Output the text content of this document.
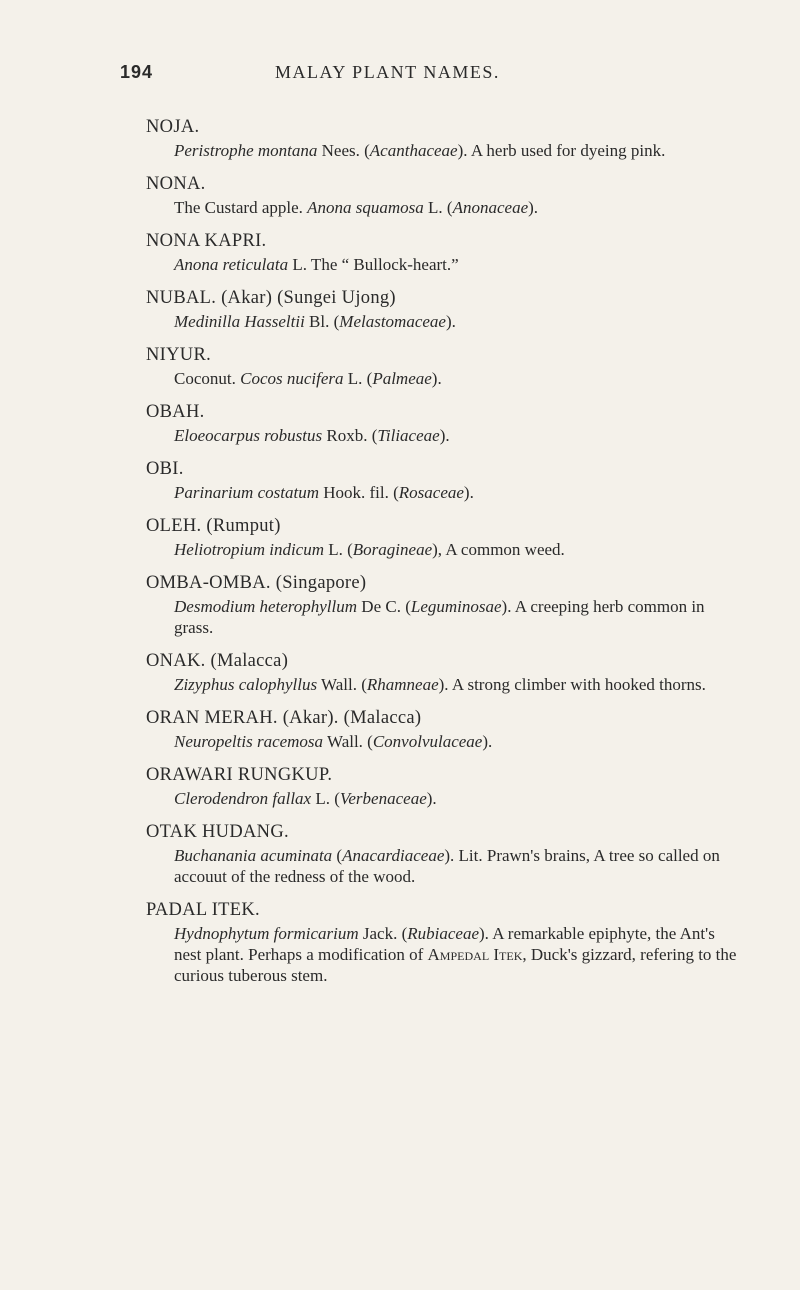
194	MALAY PLANT NAMES.
NOJA.
Peristrophe montana Nees. (Acanthaceae). A herb used for dyeing pink.
NONA.
The Custard apple. Anona squamosa L. (Anonaceae).
NONA KAPRI.
Anona reticulata L. The “ Bullock-heart.”
NUBAL. (Akar) (Sungei Ujong)
Medinilla Hasseltii Bl. (Melastomaceae).
NIYUR.
Coconut. Cocos nucifera L. (Palmeae).
OBAH.
Eloeocarpus robustus Roxb. (Tiliaceae).
OBI.
Parinarium costatum Hook. fil. (Rosaceae).
OLEH. (Rumput)
Heliotropium indicum L. (Boragineae), A common weed.
OMBA-OMBA. (Singapore)
Desmodium heterophyllum De C. (Leguminosae). A creeping herb common in grass.
ONAK. (Malacca)
Zizyphus calophyllus Wall. (Rhamneae). A strong climber with hooked thorns.
ORAN MERAH. (Akar). (Malacca)
Neuropeltis racemosa Wall. (Convolvulaceae).
ORAWARI RUNGKUP.
Clerodendron fallax L. (Verbenaceae).
OTAK HUDANG.
Buchanania acuminata (Anacardiaceae). Lit. Prawn's brains, A tree so called on accouut of the redness of the wood.
PADAL ITEK.
Hydnophytum formicarium Jack. (Rubiaceae). A remarkable epiphyte, the Ant's nest plant. Perhaps a modification of Ampedal Itek, Duck's gizzard, refering to the curious tuberous stem.
